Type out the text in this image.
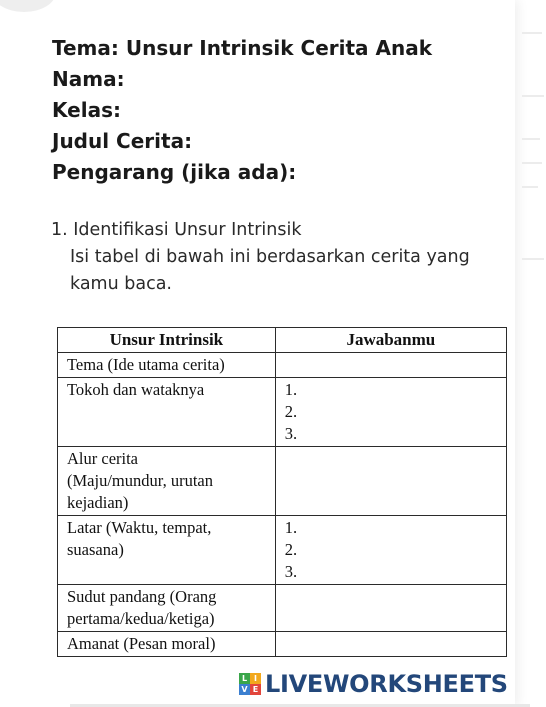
Tema: Unsur Intrinsik Cerita Anak
Nama:
Kelas:
Judul Cerita:
Pengarang (jika ada):
1. Identifikasi Unsur Intrinsik
Isi tabel di bawah ini berdasarkan cerita yang
kamu baca.
Unsur Intrinsik	Jawabanmu

Tema (Ide utama cerita)	

Tokoh dan wataknya	1.
2.
3.

Alur cerita
(Maju/mundur, urutan
kejadian)	

Latar (Waktu, tempat,
suasana)	1.
2.
3.

Sudut pandang (Orang
pertama/kedua/ketiga)	

Amanat (Pesan moral)	

L I
V E LIVEWORKSHEETS
